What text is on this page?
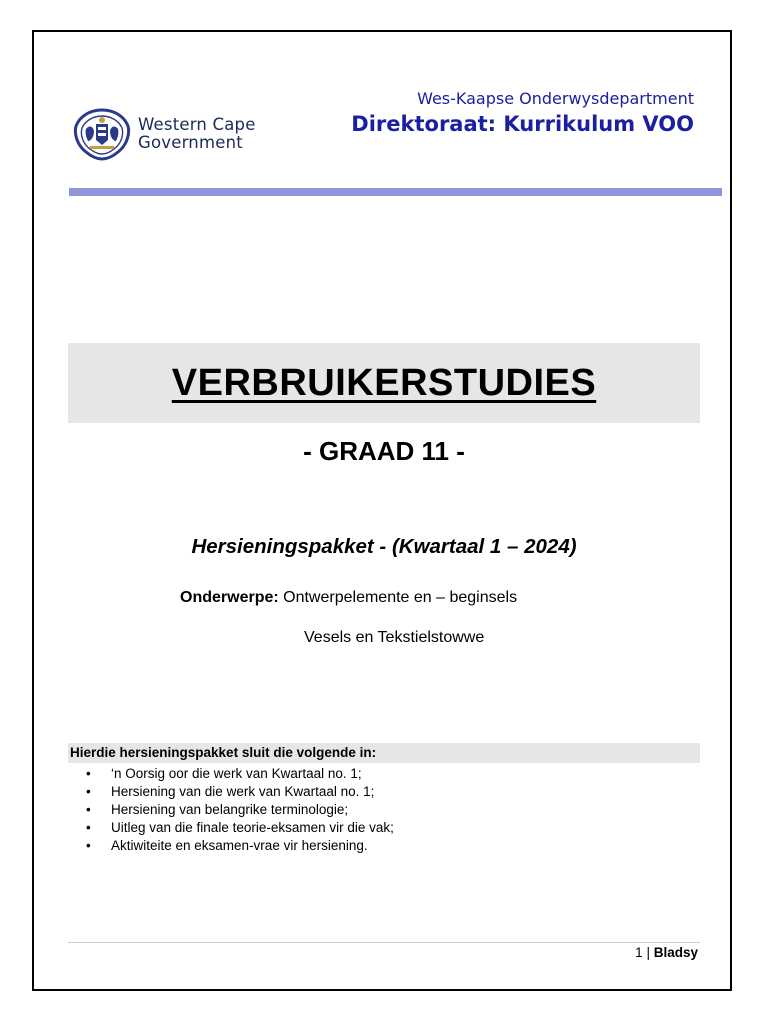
Western Cape
Government
Wes-Kaapse Onderwysdepartment
Direktoraat: Kurrikulum VOO
VERBRUIKERSTUDIES
- GRAAD 11 -
Hersieningspakket - (Kwartaal 1 – 2024)
Onderwerpe: Ontwerpelemente en – beginsels
Vesels en Tekstielstowwe
Hierdie hersieningspakket sluit die volgende in:
• ‘n Oorsig oor die werk van Kwartaal no. 1;
• Hersiening van die werk van Kwartaal no. 1;
• Hersiening van belangrike terminologie;
• Uitleg van die finale teorie-eksamen vir die vak;
• Aktiwiteite en eksamen-vrae vir hersiening.
1 | Bladsy
